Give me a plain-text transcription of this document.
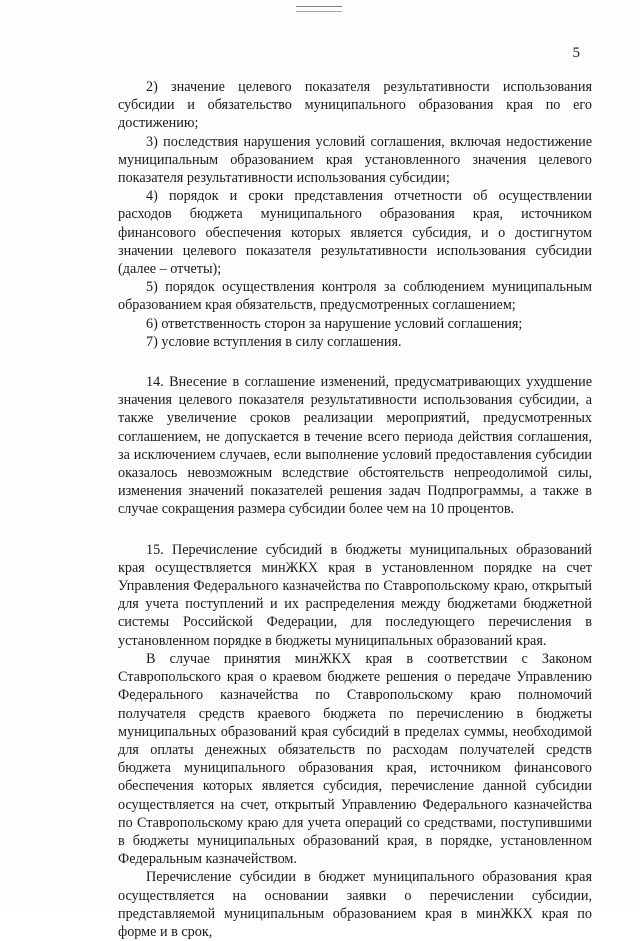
5

2) значение целевого показателя результативности использования субсидии и обязательство муниципального образования края по его достижению;

3) последствия нарушения условий соглашения, включая недостижение муниципальным образованием края установленного значения целевого показателя результативности использования субсидии;

4) порядок и сроки представления отчетности об осуществлении расходов бюджета муниципального образования края, источником финансового обеспечения которых является субсидия, и о достигнутом значении целевого показателя результативности использования субсидии (далее – отчеты);

5) порядок осуществления контроля за соблюдением муниципальным образованием края обязательств, предусмотренных соглашением;

6) ответственность сторон за нарушение условий соглашения;

7) условие вступления в силу соглашения.

14. Внесение в соглашение изменений, предусматривающих ухудшение значения целевого показателя результативности использования субсидии, а также увеличение сроков реализации мероприятий, предусмотренных соглашением, не допускается в течение всего периода действия соглашения, за исключением случаев, если выполнение условий предоставления субсидии оказалось невозможным вследствие обстоятельств непреодолимой силы, изменения значений показателей решения задач Подпрограммы, а также в случае сокращения размера субсидии более чем на 10 процентов.

15. Перечисление субсидий в бюджеты муниципальных образований края осуществляется минЖКХ края в установленном порядке на счет Управления Федерального казначейства по Ставропольскому краю, открытый для учета поступлений и их распределения между бюджетами бюджетной системы Российской Федерации, для последующего перечисления в установленном порядке в бюджеты муниципальных образований края.

В случае принятия минЖКХ края в соответствии с Законом Ставропольского края о краевом бюджете решения о передаче Управлению Федерального казначейства по Ставропольскому краю полномочий получателя средств краевого бюджета по перечислению в бюджеты муниципальных образований края субсидий в пределах суммы, необходимой для оплаты денежных обязательств по расходам получателей средств бюджета муниципального образования края, источником финансового обеспечения которых является субсидия, перечисление данной субсидии осуществляется на счет, открытый Управлению Федерального казначейства по Ставропольскому краю для учета операций со средствами, поступившими в бюджеты муниципальных образований края, в порядке, установленном Федеральным казначейством.

Перечисление субсидии в бюджет муниципального образования края осуществляется на основании заявки о перечислении субсидии, представляемой муниципальным образованием края в минЖКХ края по форме и в срок,
